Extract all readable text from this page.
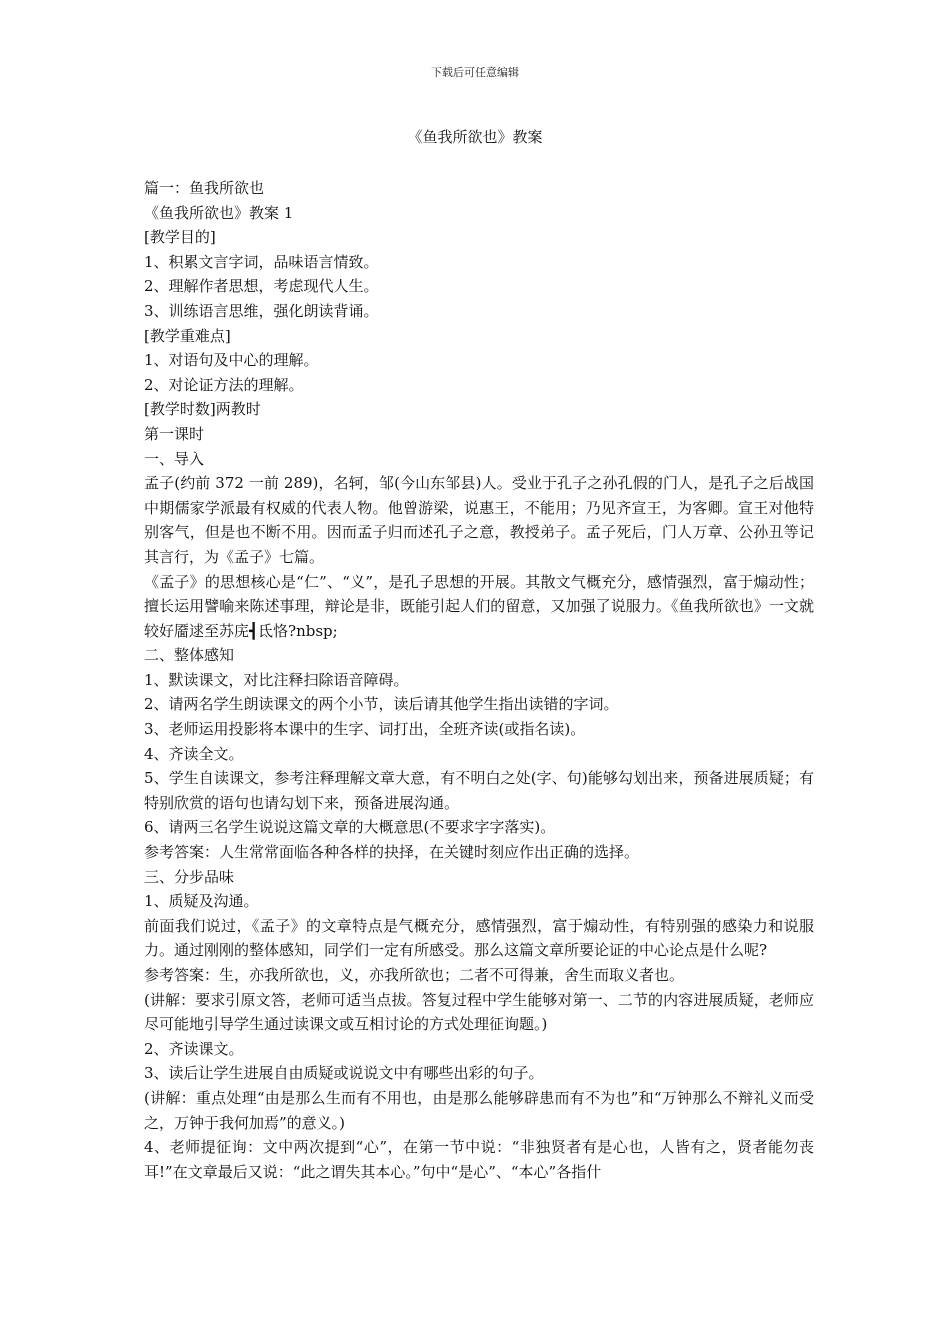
下载后可任意编辑
《鱼我所欲也》教案

篇一：鱼我所欲也

《鱼我所欲也》教案 1

[教学目的]

1、积累文言字词，品味语言情致。

2、理解作者思想，考虑现代人生。

3、训练语言思维，强化朗读背诵。

[教学重难点]

1、对语句及中心的理解。

2、对论证方法的理解。

[教学时数]两教时

第一课时

一、导入

孟子(约前 372 一前 289)，名轲，邹(今山东邹县)人。受业于孔子之孙孔假的门人，是孔子之后战国中期儒家学派最有权威的代表人物。他曾游梁，说惠王，不能用；乃见齐宣王，为客卿。宣王对他特别客气，但是也不断不用。因而孟子归而述孔子之意，教授弟子。孟子死后，门人万章、公孙丑等记其言行，为《孟子》七篇。

《孟子》的思想核心是“仁”、“义”，是孔子思想的开展。其散文气概充分，感情强烈，富于煽动性；擅长运用譬喻来陈述事理，辩论是非，既能引起人们的留意，又加强了说服力。《鱼我所欲也》一文就较好靥逑至苏庑┫氐恪?nbsp;

二、整体感知

1、默读课文，对比注释扫除语音障碍。

2、请两名学生朗读课文的两个小节，读后请其他学生指出读错的字词。

3、老师运用投影将本课中的生字、词打出，全班齐读(或指名读)。

4、齐读全文。

5、学生自读课文，参考注释理解文章大意，有不明白之处(字、句)能够勾划出来，预备进展质疑；有特别欣赏的语句也请勾划下来，预备进展沟通。

6、请两三名学生说说这篇文章的大概意思(不要求字字落实)。

参考答案：人生常常面临各种各样的抉择，在关键时刻应作出正确的选择。

三、分步品味

1、质疑及沟通。

前面我们说过，《孟子》的文章特点是气概充分，感情强烈，富于煽动性，有特别强的感染力和说服力。通过刚刚的整体感知，同学们一定有所感受。那么这篇文章所要论证的中心论点是什么呢?

参考答案：生，亦我所欲也，义，亦我所欲也；二者不可得兼，舍生而取义者也。

(讲解：要求引原文答，老师可适当点拔。答复过程中学生能够对第一、二节的内容进展质疑，老师应尽可能地引导学生通过读课文或互相讨论的方式处理征询题。)

2、齐读课文。

3、读后让学生进展自由质疑或说说文中有哪些出彩的句子。

(讲解：重点处理“由是那么生而有不用也，由是那么能够辟患而有不为也”和“万钟那么不辩礼义而受之，万钟于我何加焉”的意义。)

4、老师提征询：文中两次提到“心”，在第一节中说：“非独贤者有是心也，人皆有之，贤者能勿丧耳!”在文章最后又说：“此之谓失其本心。”句中“是心”、“本心”各指什
